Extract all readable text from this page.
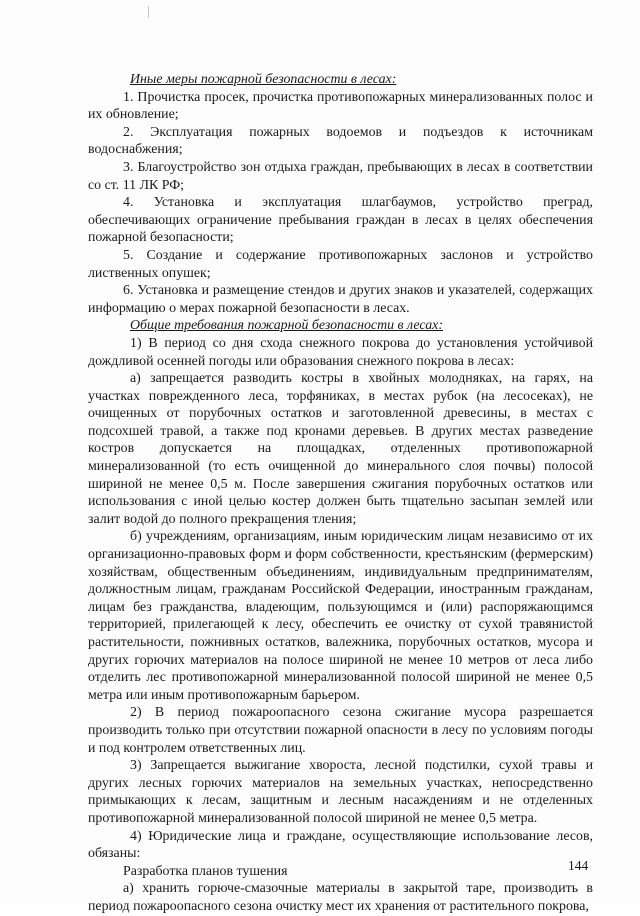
Иные меры пожарной безопасности в лесах:

1. Прочистка просек, прочистка противопожарных минерализованных полос и их обновление;

2. Эксплуатация пожарных водоемов и подъездов к источникам водоснабжения;

3. Благоустройство зон отдыха граждан, пребывающих в лесах в соответствии со ст. 11 ЛК РФ;

4. Установка и эксплуатация шлагбаумов, устройство преград, обеспечивающих ограничение пребывания граждан в лесах в целях обеспечения пожарной безопасности;

5. Создание и содержание противопожарных заслонов и устройство лиственных опушек;

6. Установка и размещение стендов и других знаков и указателей, содержащих информацию о мерах пожарной безопасности в лесах.

Общие требования пожарной безопасности в лесах:

1) В период со дня схода снежного покрова до установления устойчивой дождливой осенней погоды или образования снежного покрова в лесах:

а) запрещается разводить костры в хвойных молодняках, на гарях, на участках поврежденного леса, торфяниках, в местах рубок (на лесосеках), не очищенных от порубочных остатков и заготовленной древесины, в местах с подсохшей травой, а также под кронами деревьев. В других местах разведение костров допускается на площадках, отделенных противопожарной минерализованной (то есть очищенной до минерального слоя почвы) полосой шириной не менее 0,5 м. После завершения сжигания порубочных остатков или использования с иной целью костер должен быть тщательно засыпан землей или залит водой до полного прекращения тления;

б) учреждениям, организациям, иным юридическим лицам независимо от их организационно-правовых форм и форм собственности, крестьянским (фермерским) хозяйствам, общественным объединениям, индивидуальным предпринимателям, должностным лицам, гражданам Российской Федерации, иностранным гражданам, лицам без гражданства, владеющим, пользующимся и (или) распоряжающимся территорией, прилегающей к лесу, обеспечить ее очистку от сухой травянистой растительности, пожнивных остатков, валежника, порубочных остатков, мусора и других горючих материалов на полосе шириной не менее 10 метров от леса либо отделить лес противопожарной минерализованной полосой шириной не менее 0,5 метра или иным противопожарным барьером.

2) В период пожароопасного сезона сжигание мусора разрешается производить только при отсутствии пожарной опасности в лесу по условиям погоды и под контролем ответственных лиц.

3) Запрещается выжигание хвороста, лесной подстилки, сухой травы и других лесных горючих материалов на земельных участках, непосредственно примыкающих к лесам, защитным и лесным насаждениям и не отделенных противопожарной минерализованной полосой шириной не менее 0,5 метра.

4) Юридические лица и граждане, осуществляющие использование лесов, обязаны:

Разработка планов тушения

а) хранить горюче-смазочные материалы в закрытой таре, производить в период пожароопасного сезона очистку мест их хранения от растительного покрова,

144
